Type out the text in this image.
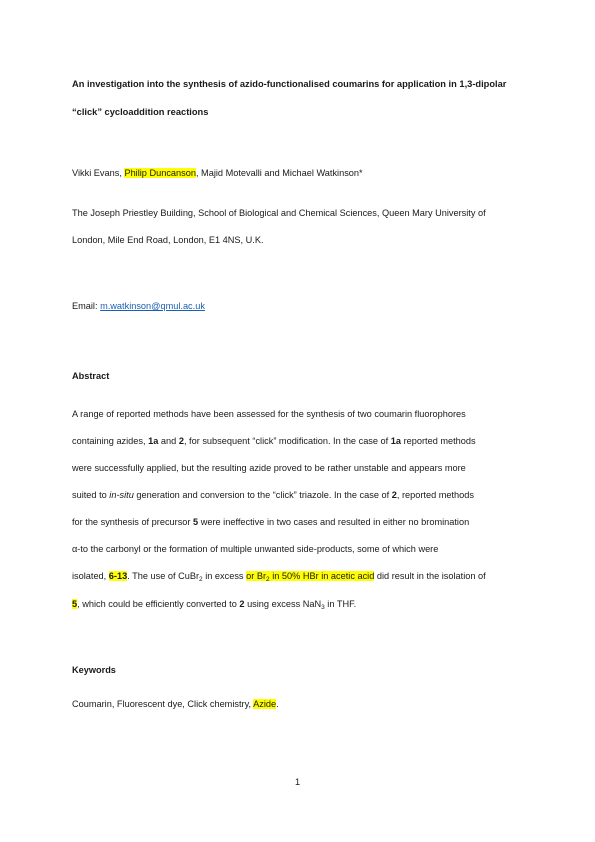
An investigation into the synthesis of azido-functionalised coumarins for application in 1,3-dipolar
“click” cycloaddition reactions
Vikki Evans, Philip Duncanson, Majid Motevalli and Michael Watkinson*
The Joseph Priestley Building, School of Biological and Chemical Sciences, Queen Mary University of
London, Mile End Road, London, E1 4NS, U.K.
Email: m.watkinson@qmul.ac.uk
Abstract
A range of reported methods have been assessed for the synthesis of two coumarin fluorophores
containing azides, 1a and 2, for subsequent “click” modification. In the case of 1a reported methods
were successfully applied, but the resulting azide proved to be rather unstable and appears more
suited to in-situ generation and conversion to the “click” triazole. In the case of 2, reported methods
for the synthesis of precursor 5 were ineffective in two cases and resulted in either no bromination
α-to the carbonyl or the formation of multiple unwanted side-products, some of which were
isolated, 6-13. The use of CuBr$_2$ in excess or $Br_2$ in 50% HBr in acetic acid did result in the isolation of
5, which could be efficiently converted to 2 using excess NaN$_3$ in THF.
Keywords
Coumarin, Fluorescent dye, Click chemistry, Azide.
1
